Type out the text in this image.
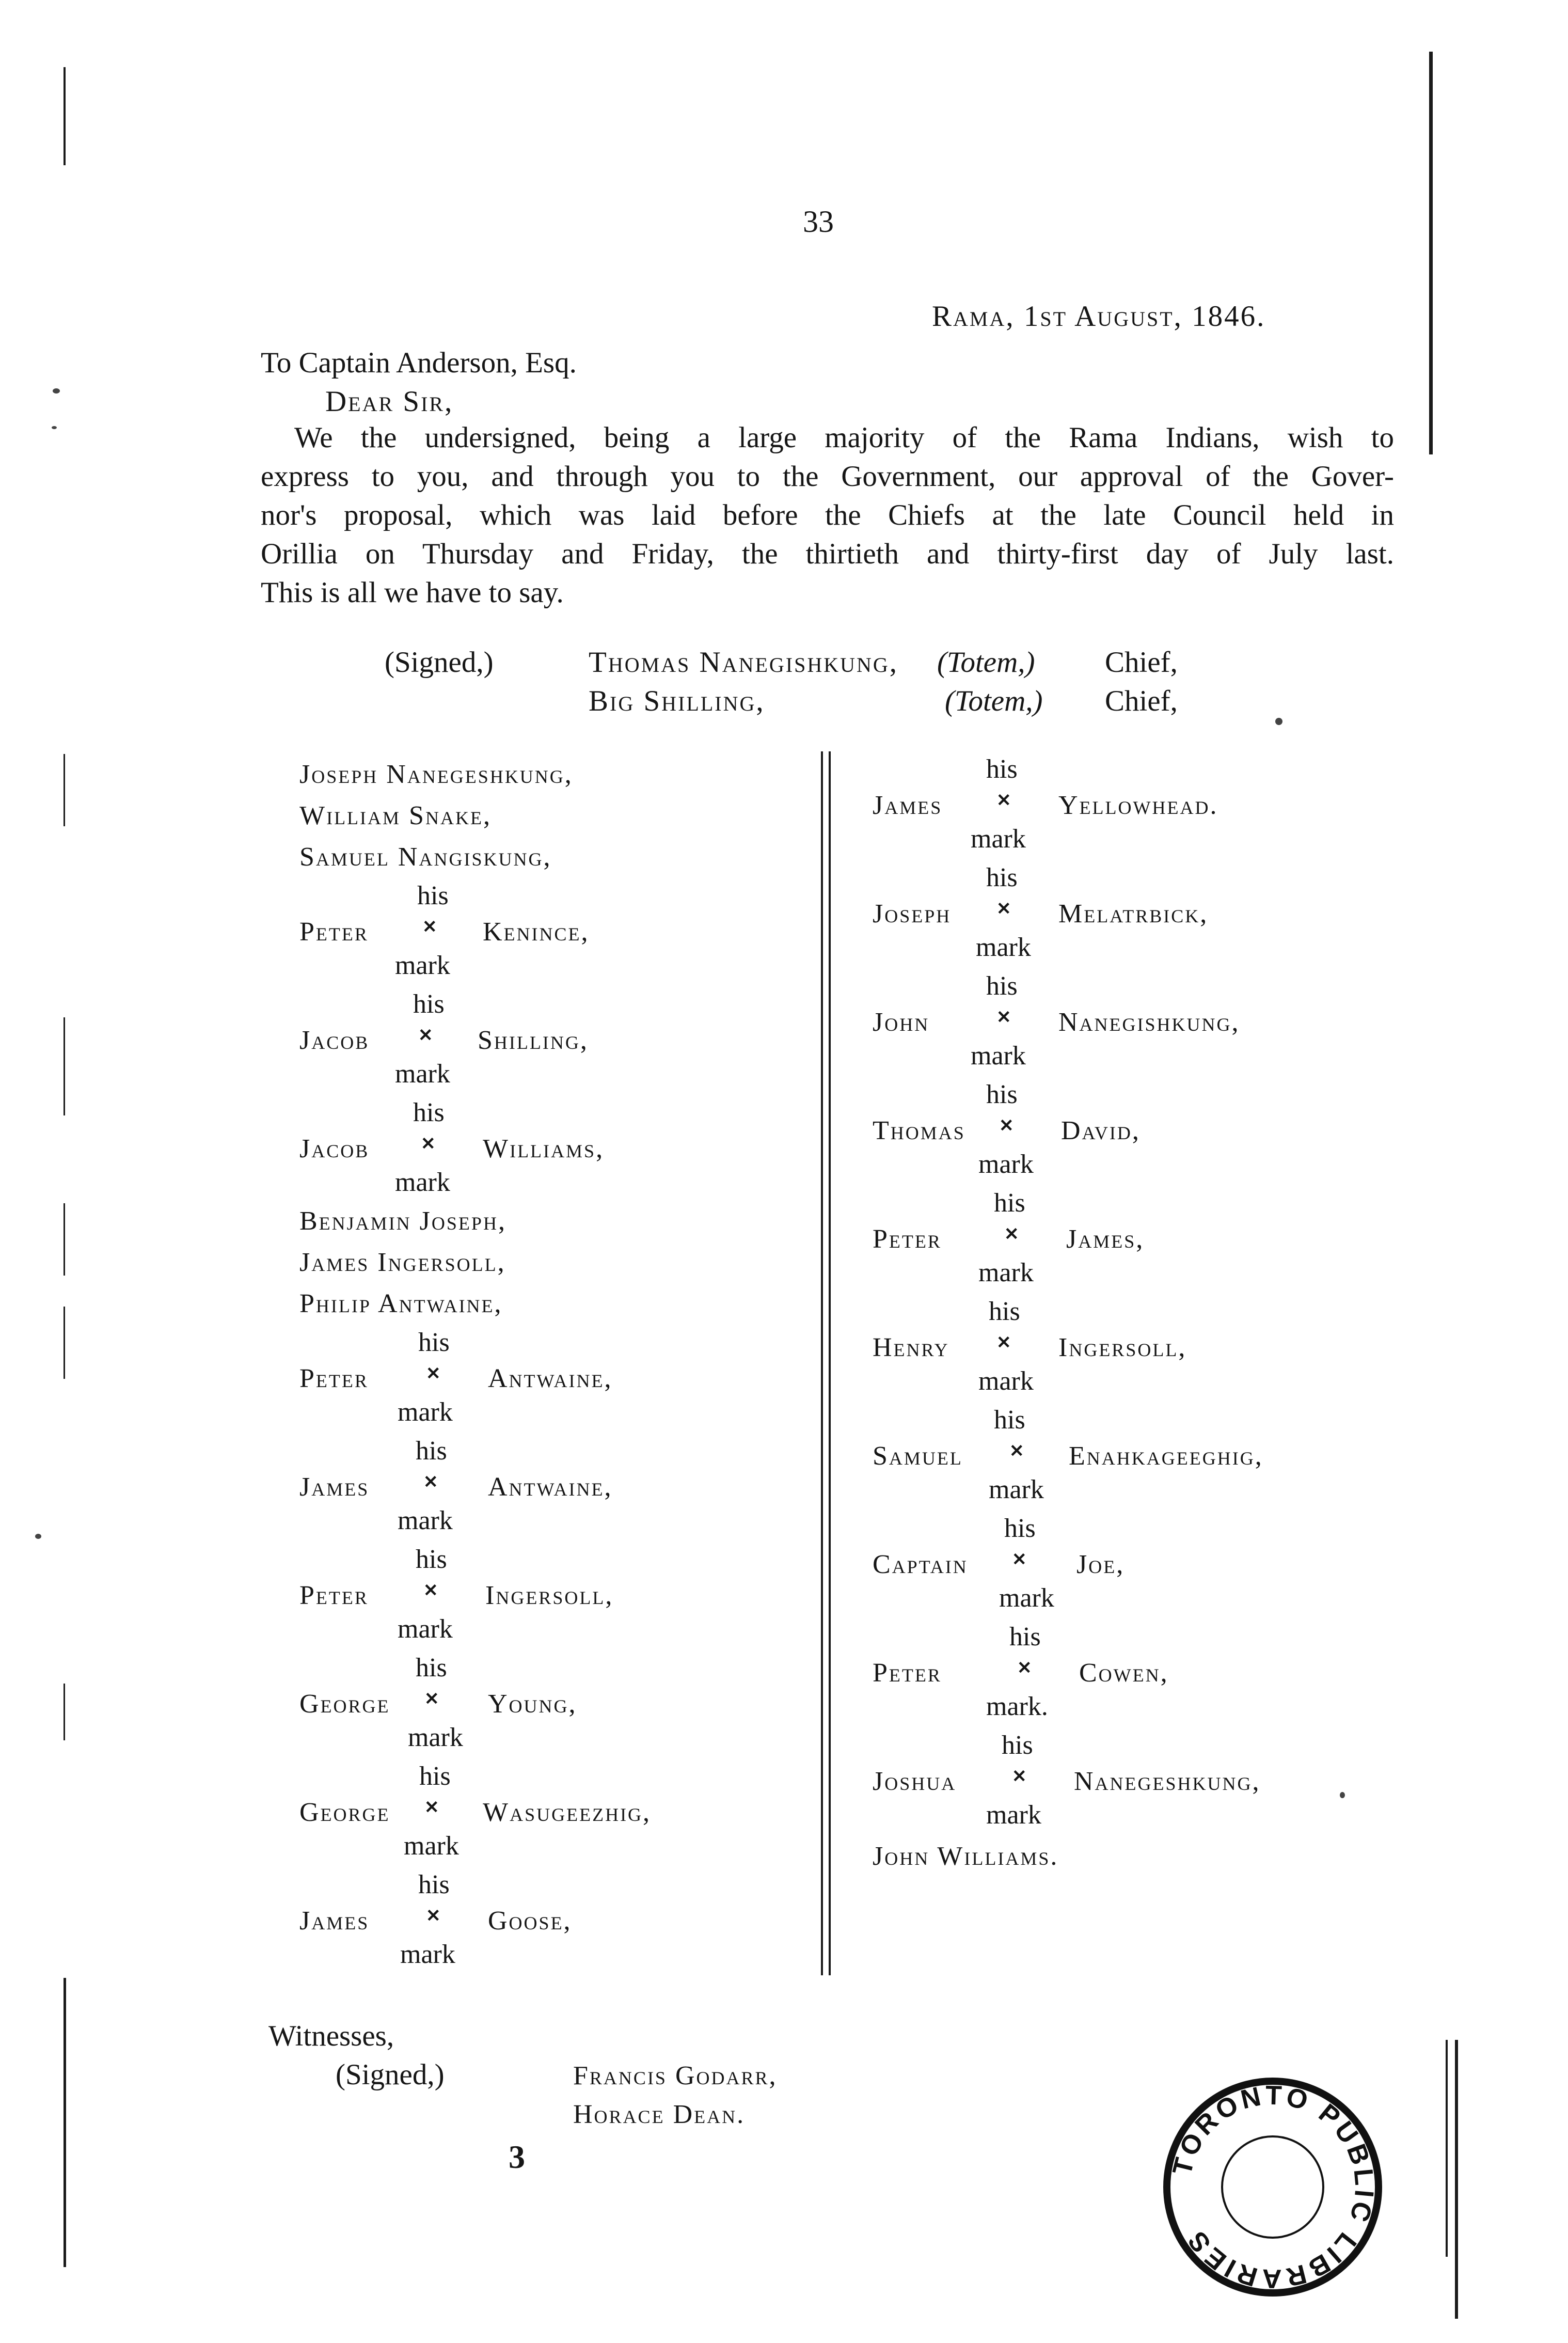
33
Rama, 1st August, 1846.
To Captain Anderson, Esq.
Dear Sir,
We the undersigned, being a large majority of the Rama Indians, wish to
express to you, and through you to the Government, our approval of the Gover-
nor's proposal, which was laid before the Chiefs at the late Council held in
Orillia on Thursday and Friday, the thirtieth and thirty-first day of July last.
This is all we have to say.
(Signed,)	Thomas Nanegishkung, (Totem,) Chief,
Big Shilling,	(Totem,) Chief,
Joseph Nanegeshkung,
William Snake,
Samuel Nangiskung,
his
Peter	✕ Kenince,
mark
his
Jacob	✕ Shilling,
mark
his
Jacob	✕ Williams,
mark
Benjamin Joseph,
James Ingersoll,
Philip Antwaine,
his
Peter	✕ Antwaine,
mark
his
James	✕ Antwaine,
mark
his
Peter	✕ Ingersoll,
mark
his
George ✕ Young,
mark
his
George ✕ Wasugeezhig,
mark
his
James	✕ Goose,
mark
his
James	✕ Yellowhead.
mark
his
Joseph	✕ Melatrbick,
mark
his
John	✕ Nanegishkung,
mark
his
Thomas ✕ David,
mark
his
Peter	✕ James,
mark
his
Henry	✕ Ingersoll,
mark
his
Samuel	✕ Enahkageeghig,
mark
his
Captain	✕ Joe,
mark
his
Peter	✕ Cowen,
mark.
his
Joshua	✕ Nanegeshkung,
mark
John Williams.
Witnesses,
(Signed,)	Francis Godarr,
Horace Dean.
3	TORONTO PUBLIC LIBRARIES
